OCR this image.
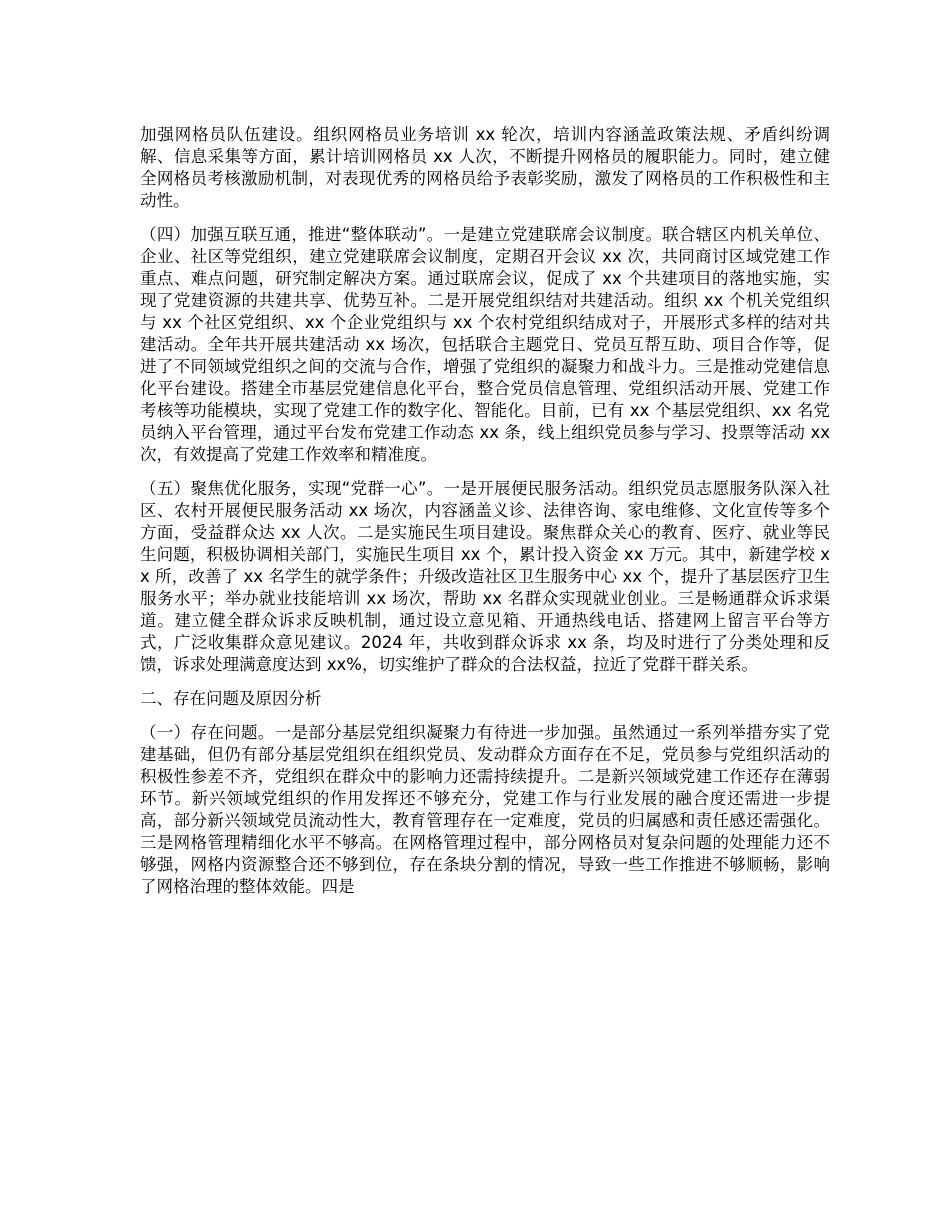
加强网格员队伍建设。组织网格员业务培训 xx 轮次，培训内容涵盖政策法规、矛盾纠纷调解、信息采集等方面，累计培训网格员 xx 人次，不断提升网格员的履职能力。同时，建立健全网格员考核激励机制，对表现优秀的网格员给予表彰奖励，激发了网格员的工作积极性和主动性。

（四）加强互联互通，推进“整体联动”。一是建立党建联席会议制度。联合辖区内机关单位、企业、社区等党组织，建立党建联席会议制度，定期召开会议 xx 次，共同商讨区域党建工作重点、难点问题，研究制定解决方案。通过联席会议，促成了 xx 个共建项目的落地实施，实现了党建资源的共建共享、优势互补。二是开展党组织结对共建活动。组织 xx 个机关党组织与 xx 个社区党组织、xx 个企业党组织与 xx 个农村党组织结成对子，开展形式多样的结对共建活动。全年共开展共建活动 xx 场次，包括联合主题党日、党员互帮互助、项目合作等，促进了不同领域党组织之间的交流与合作，增强了党组织的凝聚力和战斗力。三是推动党建信息化平台建设。搭建全市基层党建信息化平台，整合党员信息管理、党组织活动开展、党建工作考核等功能模块，实现了党建工作的数字化、智能化。目前，已有 xx 个基层党组织、xx 名党员纳入平台管理，通过平台发布党建工作动态 xx 条，线上组织党员参与学习、投票等活动 xx 次，有效提高了党建工作效率和精准度。

（五）聚焦优化服务，实现“党群一心”。一是开展便民服务活动。组织党员志愿服务队深入社区、农村开展便民服务活动 xx 场次，内容涵盖义诊、法律咨询、家电维修、文化宣传等多个方面，受益群众达 xx 人次。二是实施民生项目建设。聚焦群众关心的教育、医疗、就业等民生问题，积极协调相关部门，实施民生项目 xx 个，累计投入资金 xx 万元。其中，新建学校 xx 所，改善了 xx 名学生的就学条件；升级改造社区卫生服务中心 xx 个，提升了基层医疗卫生服务水平；举办就业技能培训 xx 场次，帮助 xx 名群众实现就业创业。三是畅通群众诉求渠道。建立健全群众诉求反映机制，通过设立意见箱、开通热线电话、搭建网上留言平台等方式，广泛收集群众意见建议。2024 年，共收到群众诉求 xx 条，均及时进行了分类处理和反馈，诉求处理满意度达到 xx%，切实维护了群众的合法权益，拉近了党群干群关系。

二、存在问题及原因分析

（一）存在问题。一是部分基层党组织凝聚力有待进一步加强。虽然通过一系列举措夯实了党建基础，但仍有部分基层党组织在组织党员、发动群众方面存在不足，党员参与党组织活动的积极性参差不齐，党组织在群众中的影响力还需持续提升。二是新兴领域党建工作还存在薄弱环节。新兴领域党组织的作用发挥还不够充分，党建工作与行业发展的融合度还需进一步提高，部分新兴领域党员流动性大，教育管理存在一定难度，党员的归属感和责任感还需强化。三是网格管理精细化水平不够高。在网格管理过程中，部分网格员对复杂问题的处理能力还不够强，网格内资源整合还不够到位，存在条块分割的情况，导致一些工作推进不够顺畅，影响了网格治理的整体效能。四是
